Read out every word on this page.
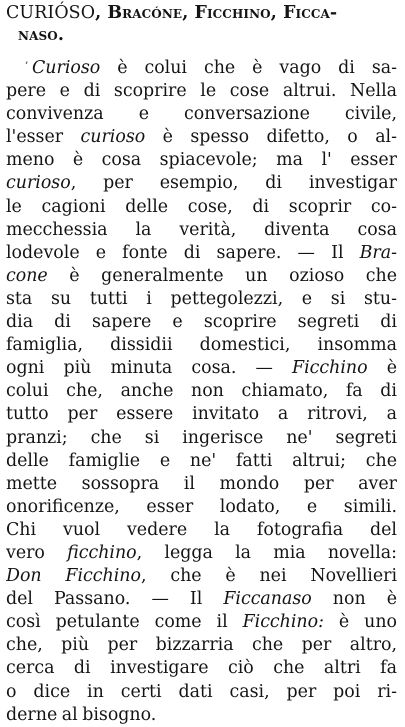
CURIÓSO, Bracóne, Ficchino, Ficca-
naso.
’ Curioso è colui che è vago di sa-
pere e di scoprire le cose altrui. Nella
convivenza e conversazione civile,
l'esser curioso è spesso difetto, o al-
meno è cosa spiacevole; ma l' esser
curioso, per esempio, di investigar
le cagioni delle cose, di scoprir co-
mecchessia la verità, diventa cosa
lodevole e fonte di sapere. — Il Bra-
cone è generalmente un ozioso che
sta su tutti i pettegolezzi, e si stu-
dia di sapere e scoprire segreti di
famiglia, dissidii domestici, insomma
ogni più minuta cosa. — Ficchino è
colui che, anche non chiamato, fa di
tutto per essere invitato a ritrovi, a
pranzi; che si ingerisce ne' segreti
delle famiglie e ne' fatti altrui; che
mette sossopra il mondo per aver
onorificenze, esser lodato, e simili.
Chi vuol vedere la fotografia del
vero ficchino, legga la mia novella:
Don Ficchino, che è nei Novellieri
del Passano. — Il Ficcanaso non è
così petulante come il Ficchino: è uno
che, più per bizzarria che per altro,
cerca di investigare ciò che altri fa
o dice in certi dati casi, per poi ri-
derne al bisogno.
